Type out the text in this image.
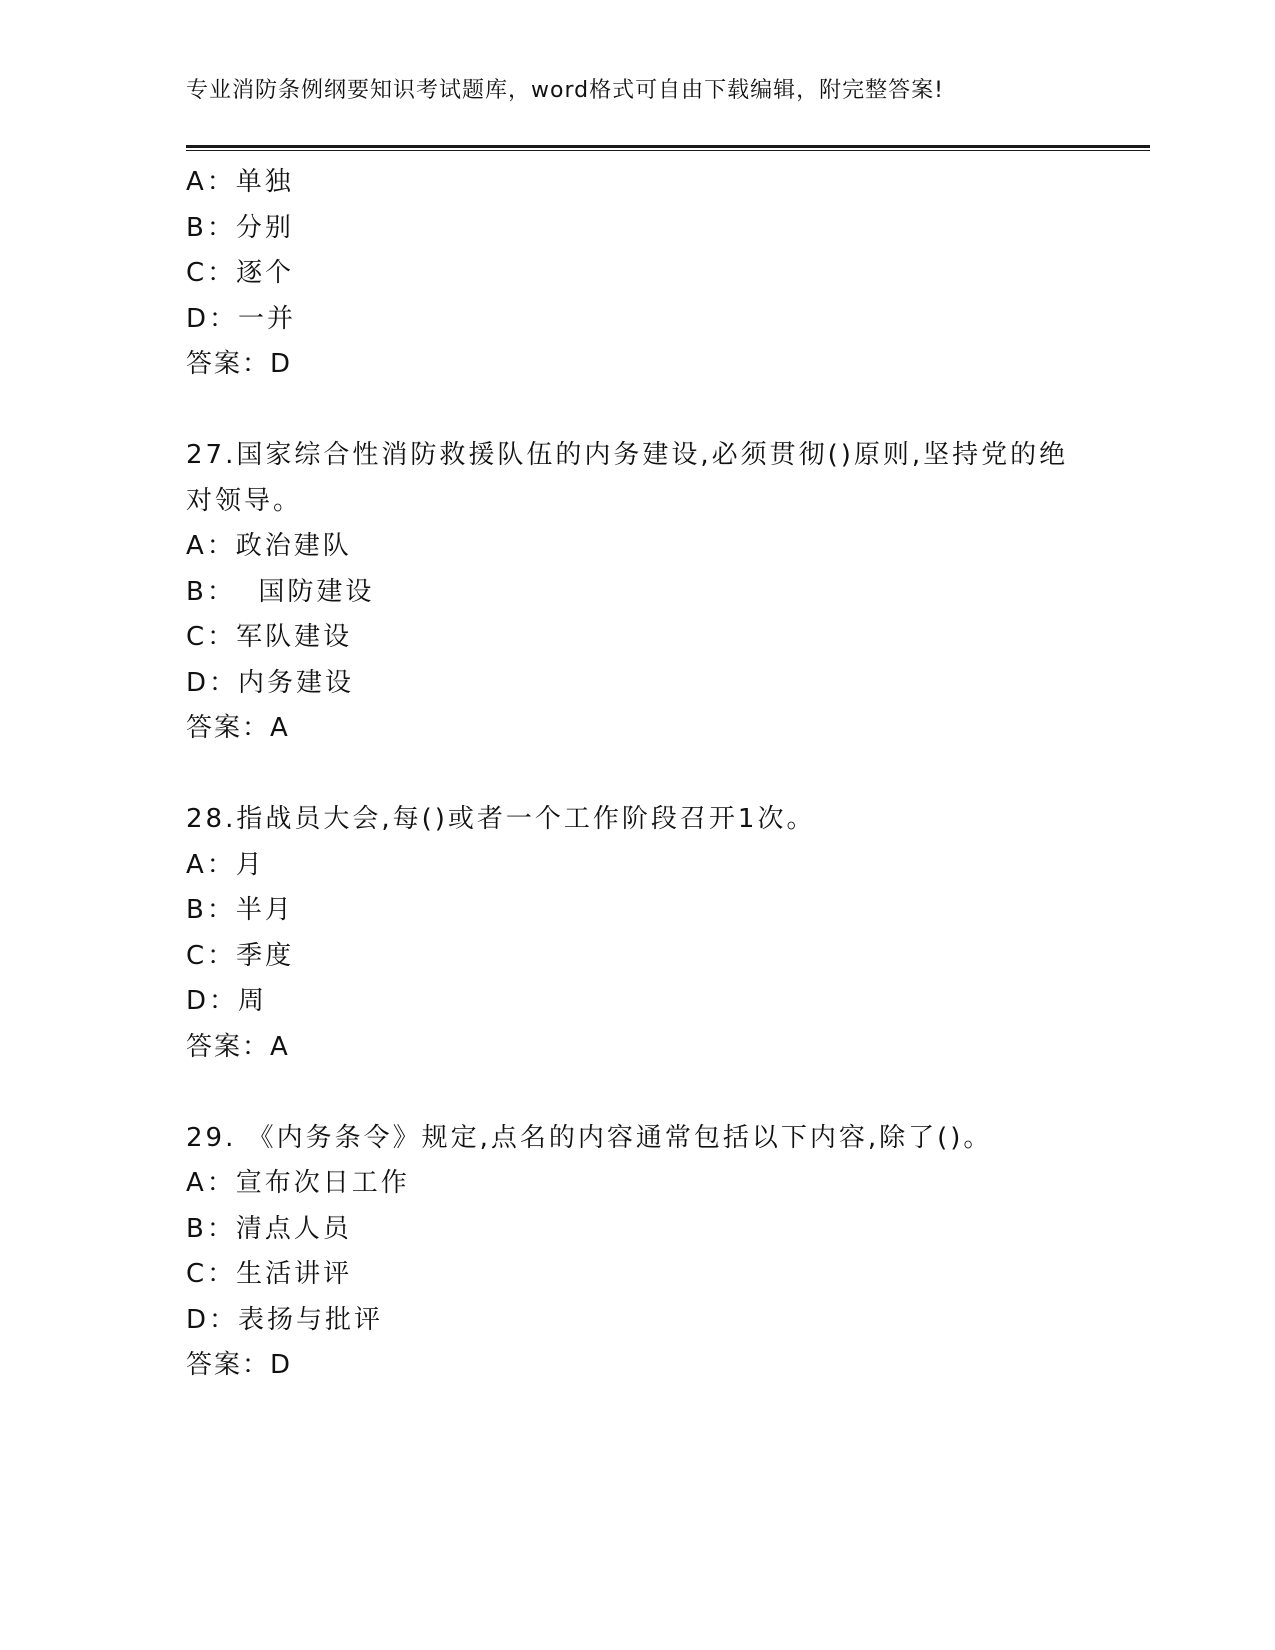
专业消防条例纲要知识考试题库，word格式可自由下载编辑，附完整答案!
A：单独
B：分别
C：逐个
D：一并
答案：D
27.国家综合性消防救援队伍的内务建设,必须贯彻()原则,坚持党的绝
对领导。
A：政治建队
B：  国防建设
C：军队建设
D：内务建设
答案：A
28.指战员大会,每()或者一个工作阶段召开1次。
A：月
B：半月
C：季度
D：周
答案：A
29. 《内务条令》规定,点名的内容通常包括以下内容,除了()。
A：宣布次日工作
B：清点人员
C：生活讲评
D：表扬与批评
答案：D
